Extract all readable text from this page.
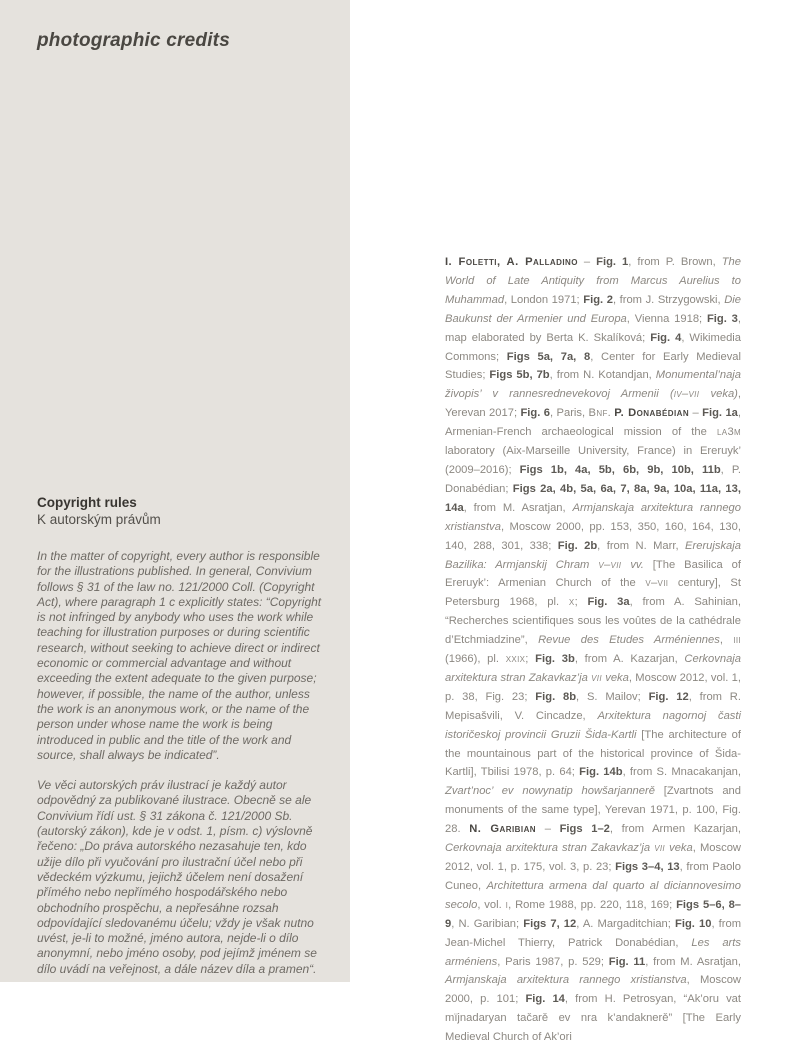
photographic credits
Copyright rules
K autorským právům

In the matter of copyright, every author is responsible for the illustrations published. In general, Convivium follows § 31 of the law no. 121/2000 Coll. (Copyright Act), where paragraph 1 c explicitly states: “Copyright is not infringed by anybody who uses the work while teaching for illustration purposes or during scientific research, without seeking to achieve direct or indirect economic or commercial advantage and without exceeding the extent adequate to the given purpose; however, if possible, the name of the author, unless the work is an anonymous work, or the name of the person under whose name the work is being introduced in public and the title of the work and source, shall always be indicated”.

Ve věci autorských práv ilustrací je každý autor odpovědný za publikované ilustrace. Obecně se ale Convivium řídí ust. § 31 zákona č. 121/2000 Sb. (autorský zákon), kde je v odst. 1, písm. c) výslovně řečeno: „Do práva autorského nezasahuje ten, kdo užije dílo při vyučování pro ilustrační účel nebo při vědeckém výzkumu, jejichž účelem není dosažení přímého nebo nepřímého hospodářského nebo obchodního prospěchu, a nepřesáhne rozsah odpovídající sledovanému účelu; vždy je však nutno uvést, je-li to možné, jméno autora, nejde-li o dílo anonymní, nebo jméno osoby, pod jejímž jménem se dílo uvádí na veřejnost, a dále název díla a pramen“.

I. Foletti, A. Palladino – Fig. 1, from P. Brown, The World of Late Antiquity from Marcus Aurelius to Muhammad, London 1971; Fig. 2, from J. Strzygowski, Die Baukunst der Armenier und Europa, Vienna 1918; Fig. 3, map elaborated by Berta K. Skalíková; Fig. 4, Wikimedia Commons; Figs 5a, 7a, 8, Center for Early Medieval Studies; Figs 5b, 7b, from N. Kotandjan, Monumental’naja živopis’ v rannesrednevekovoj Armenii (iv–vii veka), Yerevan 2017; Fig. 6, Paris, Bnf. P. Donabédian – Fig. 1a, Armenian-French archaeological mission of the la3m laboratory (Aix-Marseille University, France) in Ereruyk’ (2009–2016); Figs 1b, 4a, 5b, 6b, 9b, 10b, 11b, P. Donabédian; Figs 2a, 4b, 5a, 6a, 7, 8a, 9a, 10a, 11a, 13, 14a, from M. Asratjan, Armjanskaja arxitektura rannego xristianstva, Moscow 2000, pp. 153, 350, 160, 164, 130, 140, 288, 301, 338; Fig. 2b, from N. Marr, Ererujskaja Bazilika: Armjanskij Chram v–vii vv. [The Basilica of Ereruyk’: Armenian Church of the v–vii century], St Petersburg 1968, pl. x; Fig. 3a, from A. Sahinian, “Recherches scientifiques sous les voûtes de la cathédrale d’Etchmiadzine”, Revue des Etudes Arméniennes, iii (1966), pl. xxix; Fig. 3b, from A. Kazarjan, Cerkovnaja arxitektura stran Zakavkaz’ja vii veka, Moscow 2012, vol. 1, p. 38, Fig. 23; Fig. 8b, S. Mailov; Fig. 12, from R. Mepisašvili, V. Cincadze, Arxitektura nagornoj časti istoričeskoj provincii Gruzii Šida-Kartli [The architecture of the mountainous part of the historical province of Šida-Kartli], Tbilisi 1978, p. 64; Fig. 14b, from S. Mnacakanjan, Zvart’noc’ ev nowynatip howšarjannerě [Zvartnots and monuments of the same type], Yerevan 1971, p. 100, Fig. 28. N. Garibian – Figs 1–2, from Armen Kazarjan, Cerkovnaja arxitektura stran Zakavkaz’ja vii veka, Moscow 2012, vol. 1, p. 175, vol. 3, p. 23; Figs 3–4, 13, from Paolo Cuneo, Architettura armena dal quarto al diciannovesimo secolo, vol. i, Rome 1988, pp. 220, 118, 169; Figs 5–6, 8–9, N. Garibian; Figs 7, 12, A. Margaditchian; Fig. 10, from Jean-Michel Thierry, Patrick Donabédian, Les arts arméniens, Paris 1987, p. 529; Fig. 11, from M. Asratjan, Armjanskaja arxitektura rannego xristianstva, Moscow 2000, p. 101; Fig. 14, from H. Petrosyan, “Ak’oru vat mïjnadaryan tačarě ev nra k’andaknerě” [The Early Medieval Church of Ak’ori
